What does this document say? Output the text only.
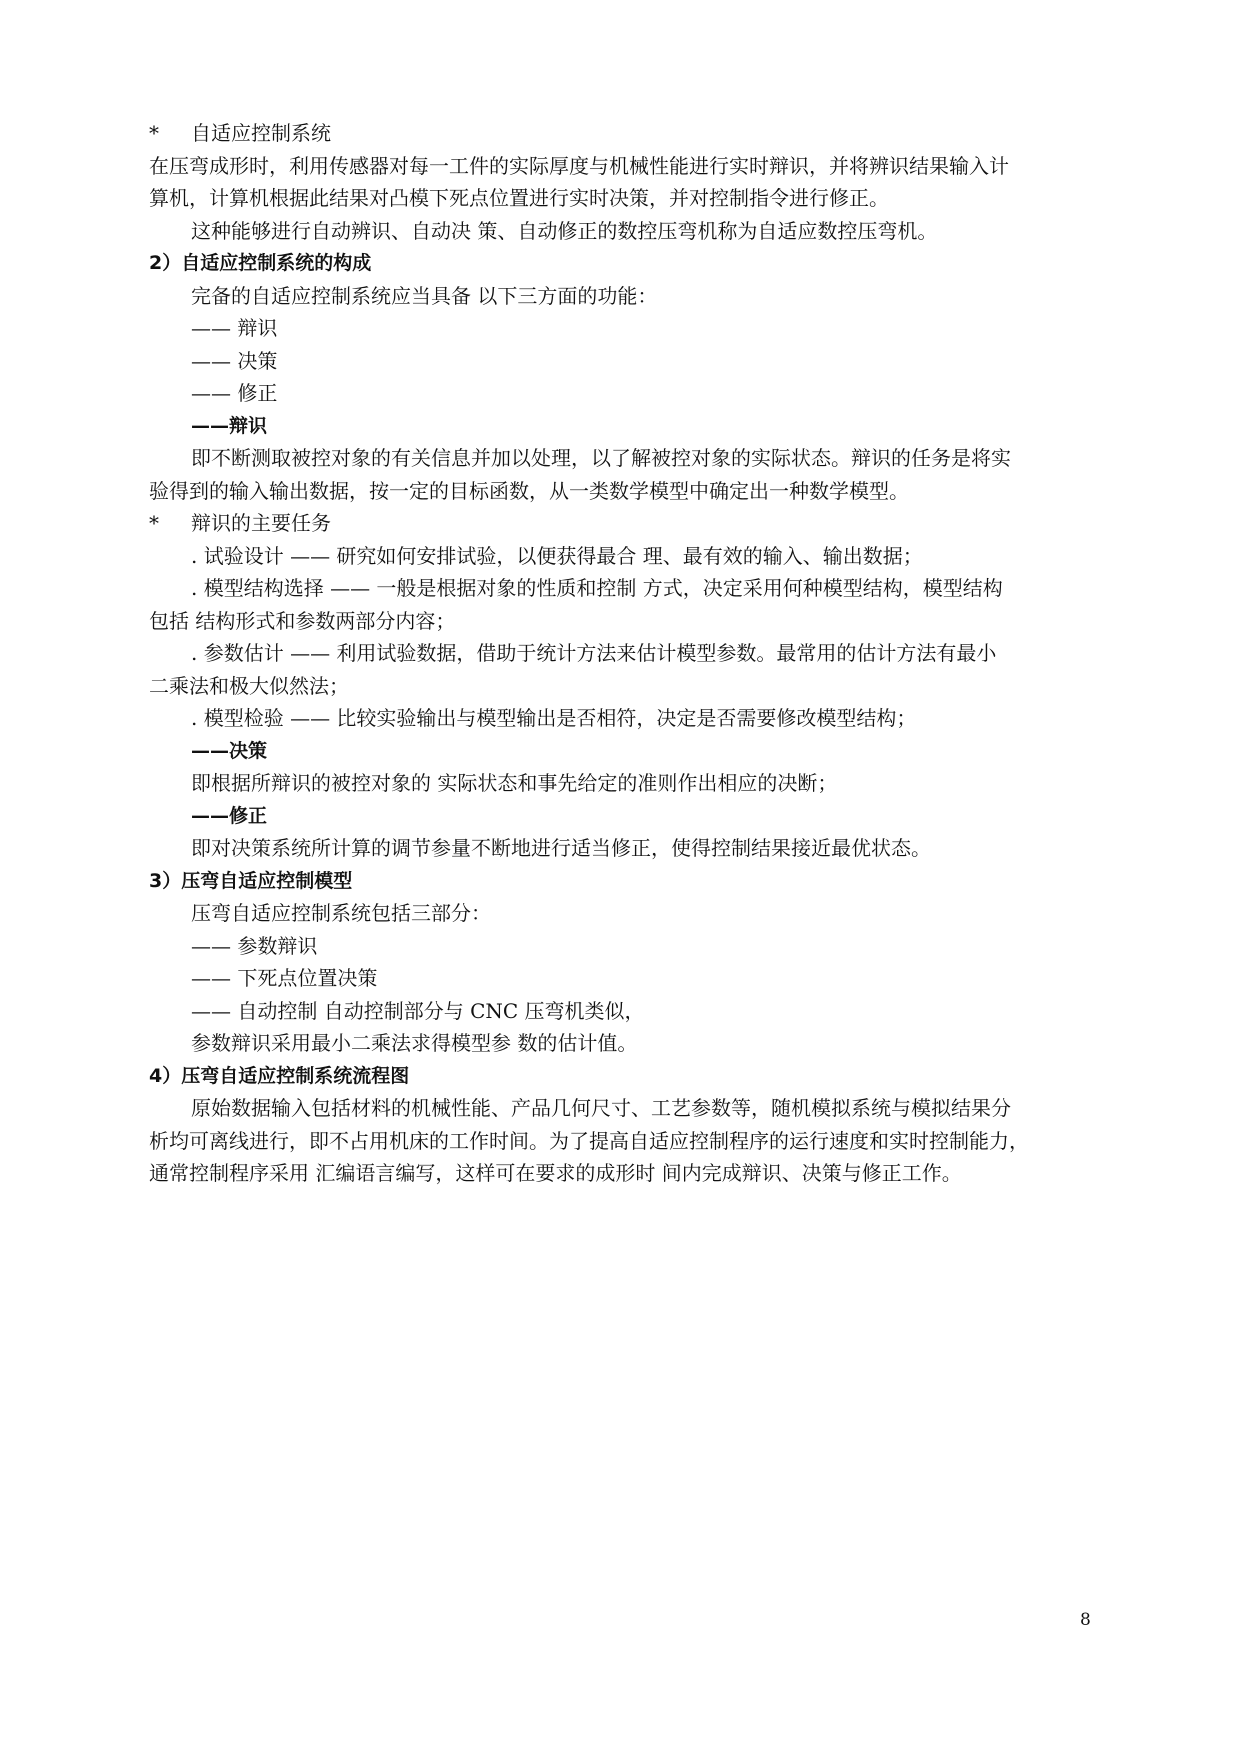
* 自适应控制系统
在压弯成形时，利用传感器对每一工件的实际厚度与机械性能进行实时辩识，并将辨识结果输入计
算机，计算机根据此结果对凸模下死点位置进行实时决策，并对控制指令进行修正。
这种能够进行自动辨识、自动决 策、自动修正的数控压弯机称为自适应数控压弯机。
2）自适应控制系统的构成
完备的自适应控制系统应当具备 以下三方面的功能：
—— 辩识
—— 决策
—— 修正
——辩识
即不断测取被控对象的有关信息并加以处理，以了解被控对象的实际状态。辩识的任务是将实
验得到的输入输出数据，按一定的目标函数，从一类数学模型中确定出一种数学模型。
* 辩识的主要任务
. 试验设计 —— 研究如何安排试验，以便获得最合 理、最有效的输入、输出数据；
. 模型结构选择 —— 一般是根据对象的性质和控制 方式，决定采用何种模型结构，模型结构
包括 结构形式和参数两部分内容；
. 参数估计 —— 利用试验数据，借助于统计方法来估计模型参数。最常用的估计方法有最小
二乘法和极大似然法；
. 模型检验 —— 比较实验输出与模型输出是否相符，决定是否需要修改模型结构；
——决策
即根据所辩识的被控对象的 实际状态和事先给定的准则作出相应的决断；
——修正
即对决策系统所计算的调节参量不断地进行适当修正，使得控制结果接近最优状态。
3）压弯自适应控制模型
压弯自适应控制系统包括三部分：
—— 参数辩识
—— 下死点位置决策
—— 自动控制 自动控制部分与 CNC 压弯机类似，
参数辩识采用最小二乘法求得模型参 数的估计值。
4）压弯自适应控制系统流程图
原始数据输入包括材料的机械性能、产品几何尺寸、工艺参数等，随机模拟系统与模拟结果分
析均可离线进行，即不占用机床的工作时间。为了提高自适应控制程序的运行速度和实时控制能力，
通常控制程序采用 汇编语言编写，这样可在要求的成形时 间内完成辩识、决策与修正工作。
8
